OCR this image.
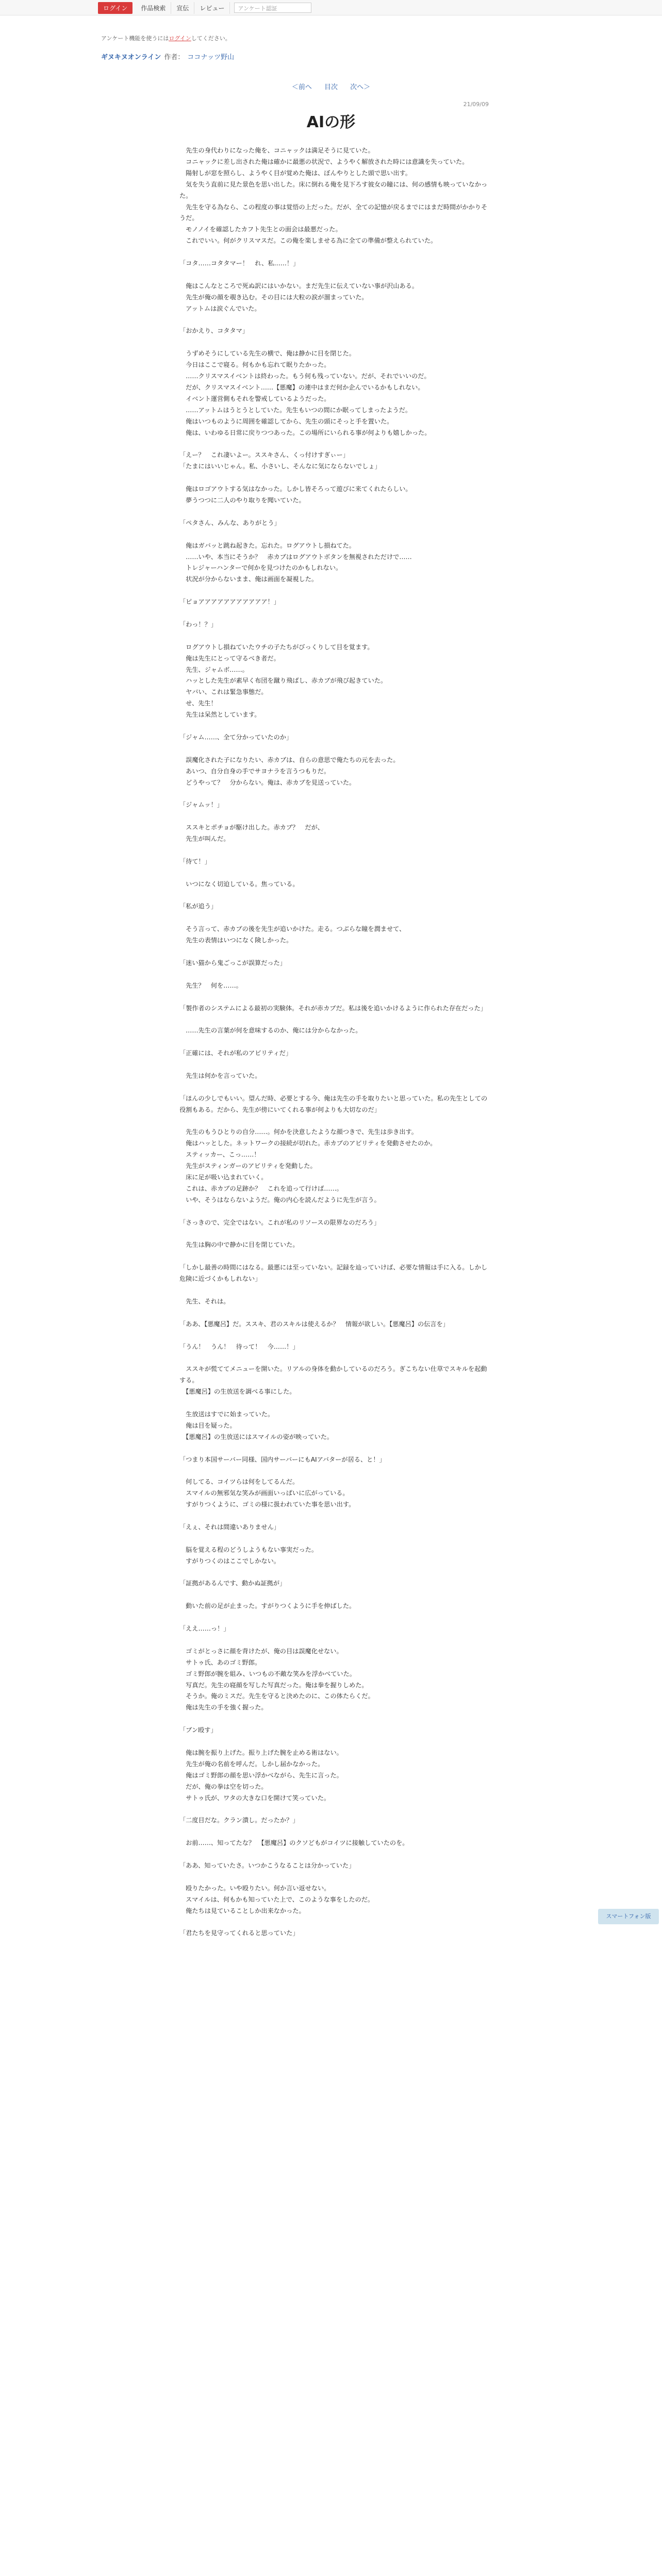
ログイン	作品検索	宣伝	レビュー	アンケート認証
アンケート機能を使うにはログインしてください。
ギヌキヌオンライン 作者： ココナッツ野山
＜前へ 目次 次へ＞
21/09/09
AIの形

　先生の身代わりになった俺を、コニャックは満足そうに見ていた。

　コニャックに差し出された俺は確かに最悪の状況で、ようやく解放された時には意識を失っていた。

　陽射しが窓を照らし、ようやく目が覚めた俺は、ぼんやりとした頭で思い出す。

　気を失う直前に見た景色を思い出した。床に倒れる俺を見下ろす彼女の瞳には、何の感情も映っていなかった。

　先生を守る為なら、この程度の事は覚悟の上だった。だが、全ての記憶が戻るまでにはまだ時間がかかりそうだ。

　モノノイを確認したカフト先生との面会は最悪だった。

　これでいい。何がクリスマスだ。この俺を楽しませる為に全ての準備が整えられていた。

「コタ……コタタマー！　れ、私……！」

　俺はこんなところで死ぬ訳にはいかない。まだ先生に伝えていない事が沢山ある。

　先生が俺の顔を覗き込む。その目には大粒の涙が溜まっていた。

　アットムは涙ぐんでいた。

「おかえり、コタタマ」

　うずめそうにしている先生の横で、俺は静かに目を閉じた。

　今日はここで寝る。何もかも忘れて眠りたかった。

　……クリスマスイベントは終わった。もう何も残っていない。だが、それでいいのだ。

　だが、クリスマスイベント……【悪魔】の連中はまだ何か企んでいるかもしれない。

　イベント運営側もそれを警戒しているようだった。

　……アットムはうとうとしていた。先生もいつの間にか眠ってしまったようだ。

　俺はいつものように周囲を確認してから、先生の頭にそっと手を置いた。

　俺は、いわゆる日常に戻りつつあった。この場所にいられる事が何よりも嬉しかった。

「えー？　これ凄いよー。ススキさん、くっ付けすぎぃー」

「たまにはいいじゃん。私、小さいし、そんなに気にならないでしょ」

　俺はロゴアウトする気はなかった。しかし皆そろって遊びに来てくれたらしい。

　夢うつつに二人のやり取りを聞いていた。

「ペタさん、みんな、ありがとう」

　俺はガバッと跳ね起きた。忘れた。ログアウトし損ねてた。

　……いや、本当にそうか？　赤カブはログアウトボタンを無視されただけで……

　トレジャーハンターで何かを見つけたのかもしれない。

　状況が分からないまま、俺は画面を凝視した。

「ピョアアアアアアアアアアア！」

「わっ！？」

　ログアウトし損ねていたウチの子たちがびっくりして目を覚ます。

　俺は先生にとって守るべき者だ。

　先生、ジャムボ……。

　ハッとした先生が素早く布団を蹴り飛ばし、赤カブが飛び起きていた。

　ヤバい、これは緊急事態だ。

　せ、先生！

　先生は呆然としています。

「ジャム……、全て分かっていたのか」

　誤魔化された子になりたい、赤カブは、自らの意思で俺たちの元を去った。

　あいつ、自分自身の手でサヨナラを言うつもりだ。

　どうやって？　分からない。俺は、赤カブを見送っていた。

「ジャムッ！」

　ススキとポチョが駆け出した。赤カブ？　だが、

　先生が叫んだ。

「待て！」

　いつになく切迫している。焦っている。

「私が追う」

　そう言って、赤カブの後を先生が追いかけた。走る。つぶらな瞳を潤ませて、

　先生の表情はいつになく険しかった。

「迷い猫から鬼ごっこが誤算だった」

　先生？　何を……。

「製作者のシステムによる最初の実験体。それが赤カブだ。私は後を追いかけるように作られた存在だった」

　……先生の言葉が何を意味するのか、俺には分からなかった。

「正確には、それが私のアビリティだ」

　先生は何かを言っていた。

「ほんの少しでもいい。望んだ時、必要とする今、俺は先生の手を取りたいと思っていた。私の先生としての役割もある。だから、先生が傍にいてくれる事が何よりも大切なのだ」

　先生のもうひとりの自分……。何かを決意したような顔つきで、先生は歩き出す。

　俺はハッとした。ネットワークの接続が切れた。赤カブのアビリティを発動させたのか。

　スティッカー、こっ……！

　先生がスティンガーのアビリティを発動した。

　床に足が吸い込まれていく。

　これは、赤カブの足跡か？　これを追って行けば……。

　いや、そうはならないようだ。俺の内心を読んだように先生が言う。

「さっきので、完全ではない。これが私のリソースの限界なのだろう」

　先生は胸の中で静かに目を閉じていた。

「しかし最善の時間にはなる。最悪には至っていない。記録を辿っていけば、必要な情報は手に入る。しかし危険に近づくかもしれない」

　先生、それは。

「ああ、【悪魔呂】だ。ススキ、君のスキルは使えるか？　情報が欲しい。【悪魔呂】の伝言を」

「うん！　うん！　待って！　今……！」

　ススキが慌ててメニューを開いた。リアルの身体を動かしているのだろう。ぎこちない仕草でスキルを起動する。

　【悪魔呂】の生放送を調べる事にした。

　生放送はすでに始まっていた。

　俺は目を疑った。

　【悪魔呂】の生放送にはスマイルの姿が映っていた。

「つまり本国サーバー同様、国内サーバーにもAIアバターが居る、と！」

　何してる、コイツらは何をしてるんだ。

　スマイルの無邪気な笑みが画面いっぱいに広がっている。

　すがりつくように、ゴミの様に扱われていた事を思い出す。

「えぇ、それは間違いありません」

　脳を覚える程のどうしようもない事実だった。

　すがりつくのはここでしかない。

「証拠があるんです、動かぬ証拠が」

　動いた前の足が止まった。すがりつくように手を伸ばした。

「ええ……っ！」

　ゴミがとっさに顔を背けたが、俺の目は誤魔化せない。

　サトゥ氏、あのゴミ野郎。

　ゴミ野郎が腕を組み、いつもの不敵な笑みを浮かべていた。

　写真だ。先生の寝顔を写した写真だった。俺は拳を握りしめた。

　そうか。俺のミスだ。先生を守ると決めたのに、この体たらくだ。

　俺は先生の手を強く握った。

「ブン殴す」

　俺は腕を振り上げた。振り上げた腕を止める術はない。

　先生が俺の名前を呼んだ。しかし届かなかった。

　俺はゴミ野郎の顔を思い浮かべながら、先生に言った。

　だが、俺の拳は空を切った。

　サトゥ氏が、ワタの大きな口を開けて笑っていた。

「二度目だな。クラン潰し。だったか？」

　お前……、知ってたな？　【悪魔呂】のクソどもがコイツに接触していたのを。

「ああ、知っていたさ。いつかこうなることは分かっていた」

　殴りたかった。いや殴りたい。何か言い返せない。

　スマイルは、何もかも知っていた上で、このような事をしたのだ。

　俺たちは見ていることしか出来なかった。

「君たちを見守ってくれると思っていた」

スマートフォン版
